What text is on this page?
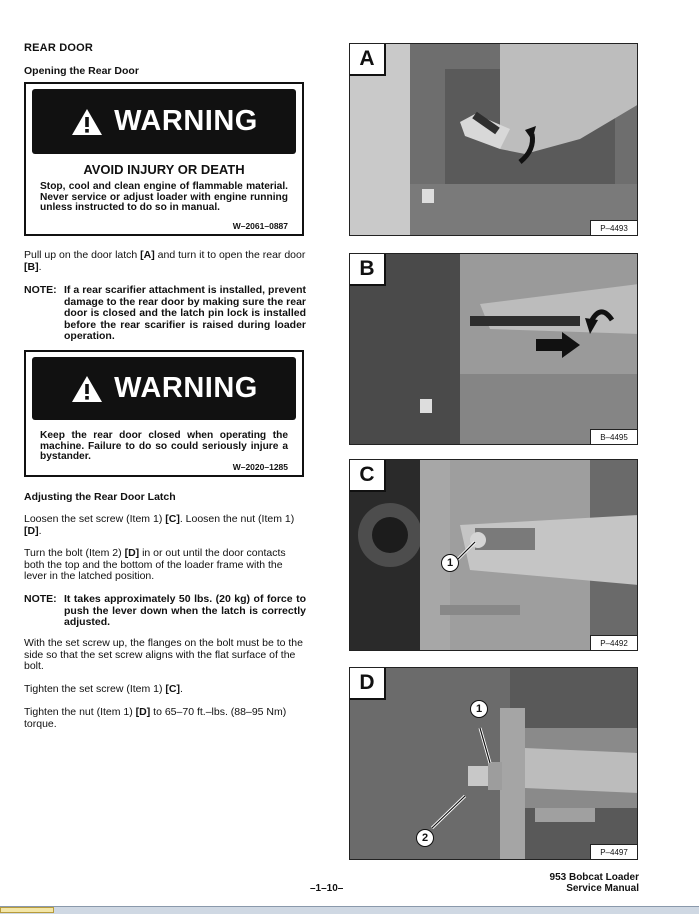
REAR DOOR
Opening the Rear Door
WARNING
AVOID INJURY OR DEATH
Stop, cool and clean engine of flammable material. Never service or adjust loader with engine running unless instructed to do so in manual.
W–2061–0887
Pull up on the door latch [A] and turn it to open the rear door [B].
NOTE: If a rear scarifier attachment is installed, prevent damage to the rear door by making sure the rear door is closed and the latch pin lock is installed before the rear scarifier is raised during loader operation.
WARNING
Keep the rear door closed when operating the machine. Failure to do so could seriously injure a bystander.
W–2020–1285
Adjusting the Rear Door Latch
Loosen the set screw (Item 1) [C]. Loosen the nut (Item 1) [D].
Turn the bolt (Item 2) [D] in or out until the door contacts both the top and the bottom of the loader frame with the lever in the latched position.
NOTE: It takes approximately 50 lbs. (20 kg) of force to push the lever down when the latch is correctly adjusted.
With the set screw up, the flanges on the bolt must be to the side so that the set screw aligns with the flat surface of the bolt.
Tighten the set screw (Item 1) [C].
Tighten the nut (Item 1) [D] to 65–70 ft.–lbs. (88–95 Nm) torque.
A
P–4493
B
B–4495
1
C
P–4492
1
2
D
P–4497
–1–10–
953 Bobcat Loader
Service Manual
